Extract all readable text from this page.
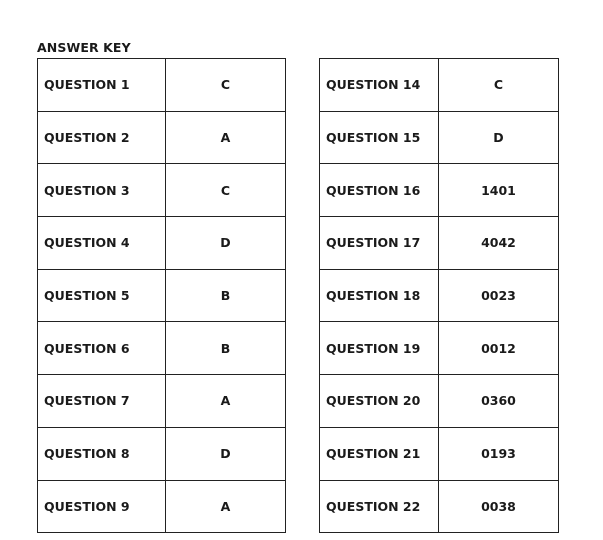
ANSWER KEY
QUESTION 1	C
QUESTION 2	A
QUESTION 3	C
QUESTION 4	D
QUESTION 5	B
QUESTION 6	B
QUESTION 7	A
QUESTION 8	D
QUESTION 9	A
QUESTION 14	C
QUESTION 15	D
QUESTION 16	1401
QUESTION 17	4042
QUESTION 18	0023
QUESTION 19	0012
QUESTION 20	0360
QUESTION 21	0193
QUESTION 22	0038
